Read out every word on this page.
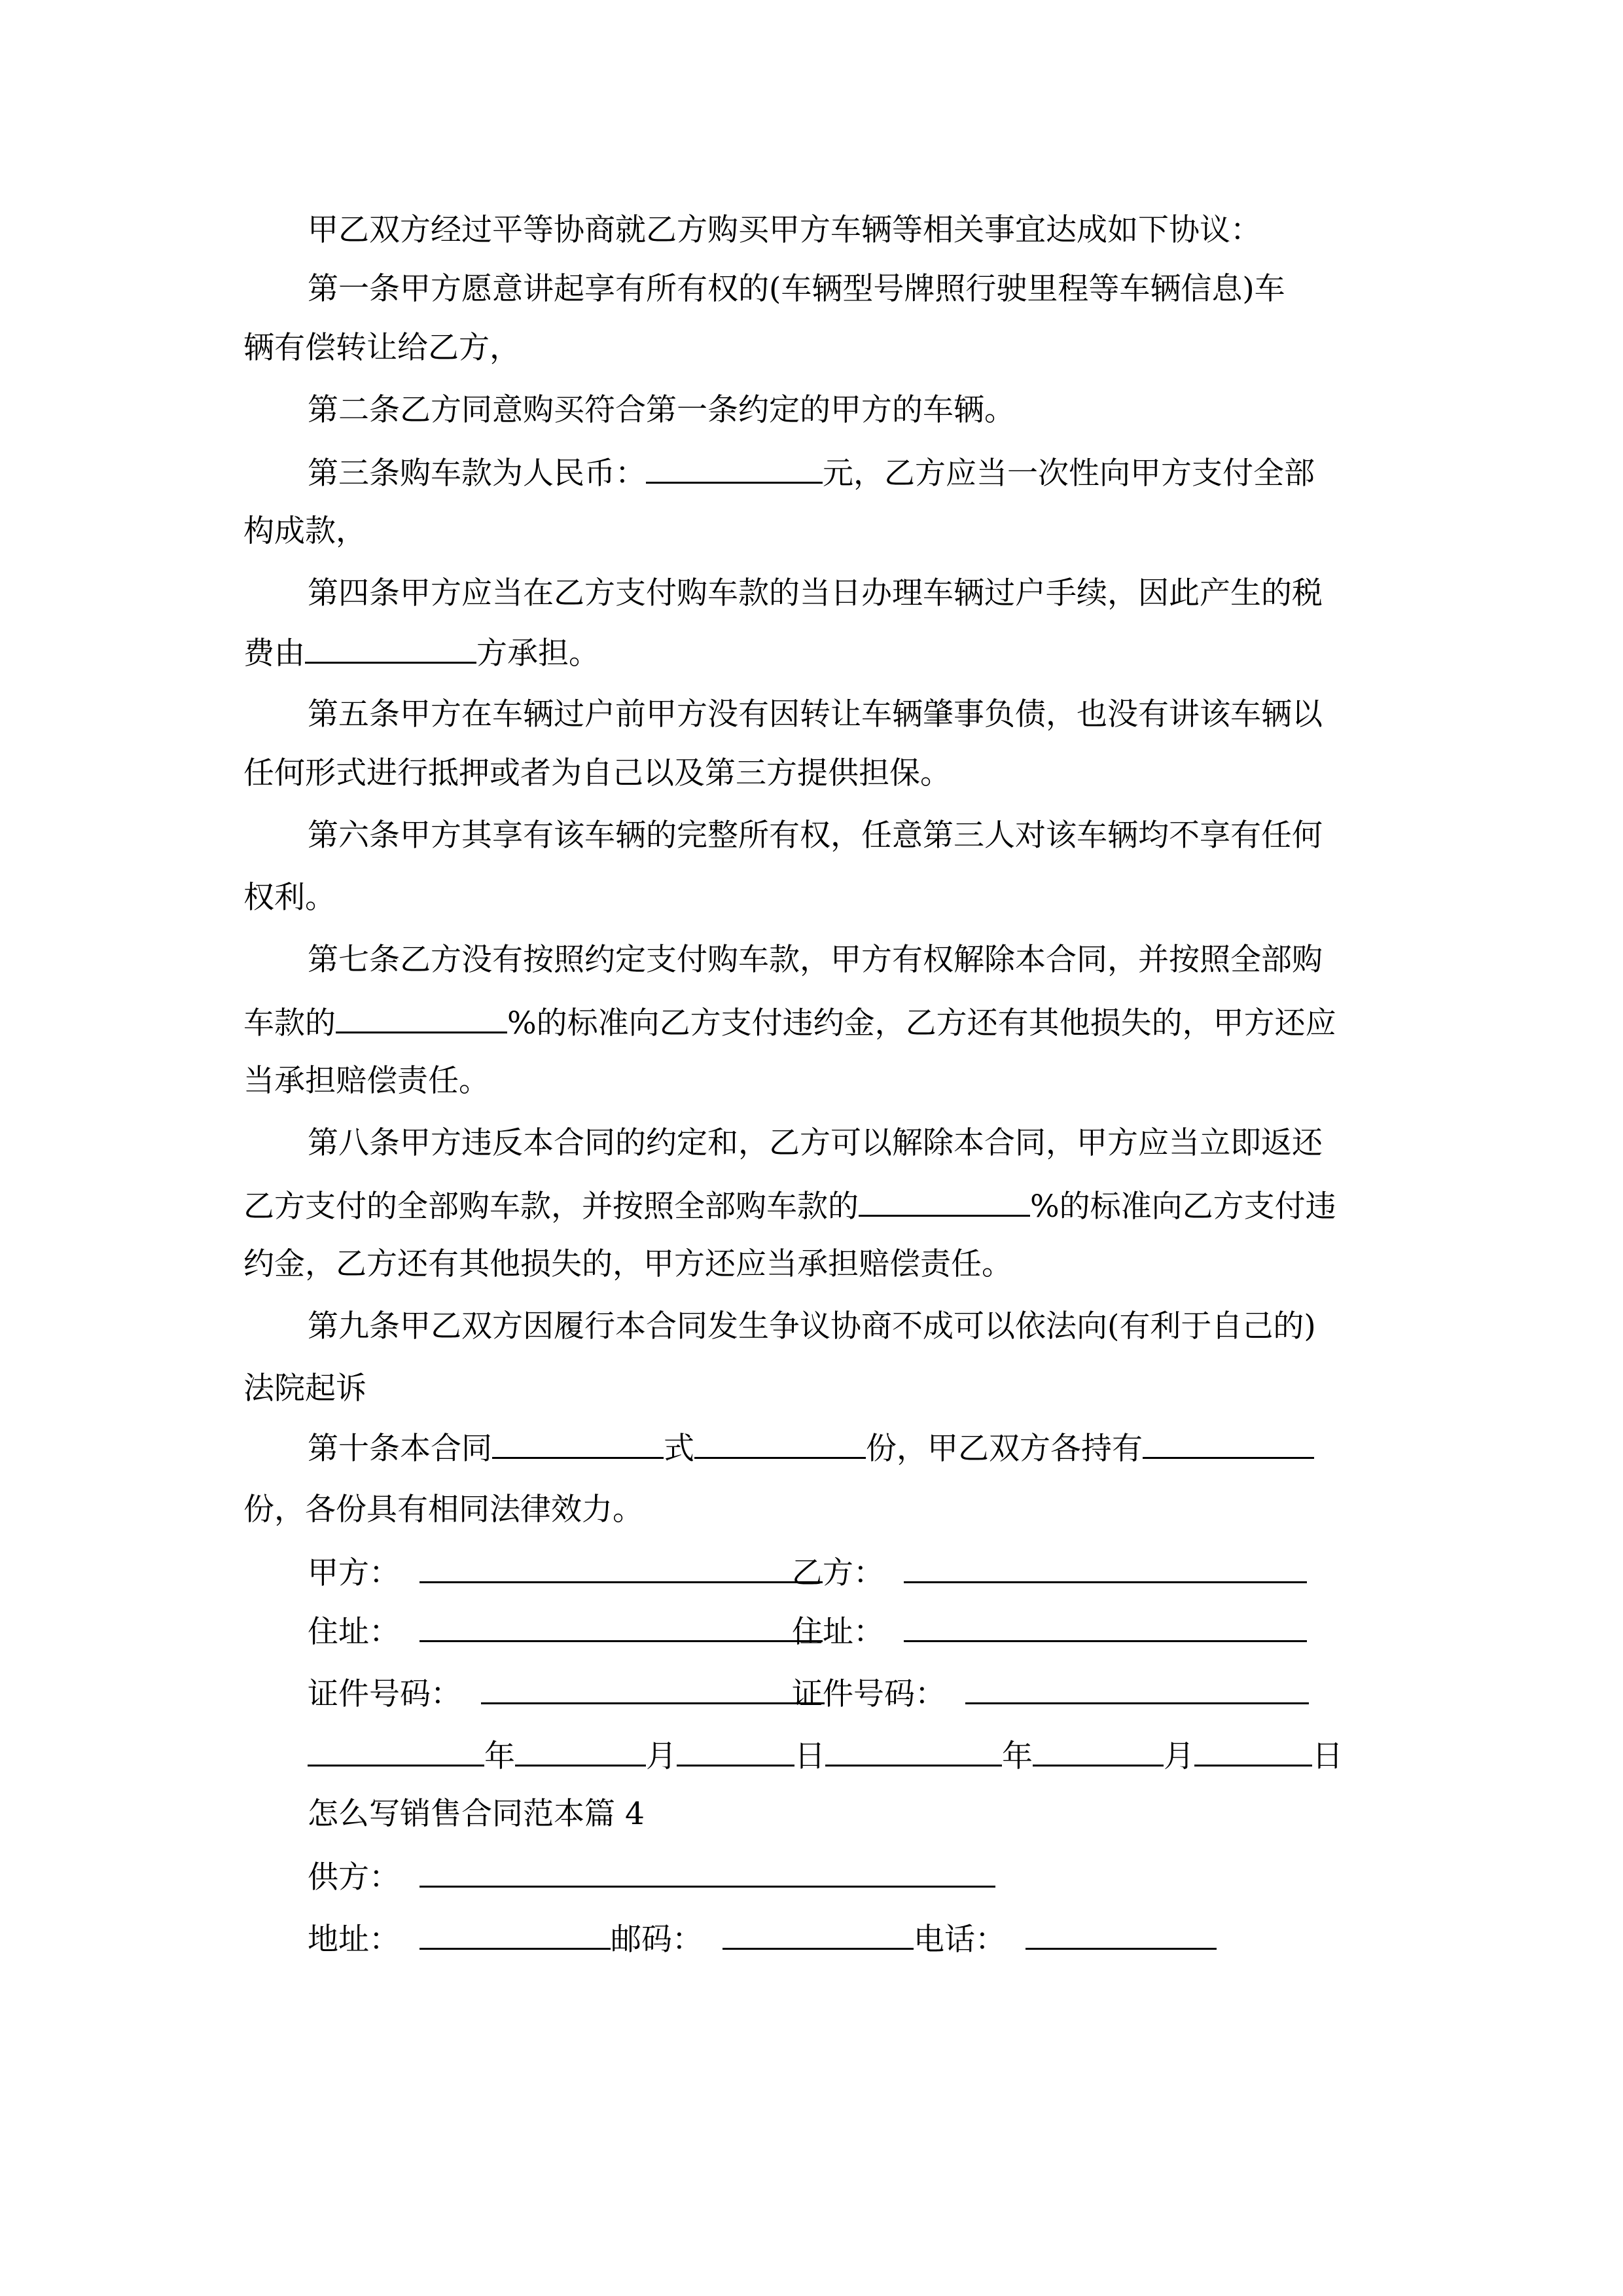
甲乙双方经过平等协商就乙方购买甲方车辆等相关事宜达成如下协议：
第一条甲方愿意讲起享有所有权的(车辆型号牌照行驶里程等车辆信息)车
辆有偿转让给乙方，
第二条乙方同意购买符合第一条约定的甲方的车辆。
第三条购车款为人民币：	元，乙方应当一次性向甲方支付全部
构成款，
第四条甲方应当在乙方支付购车款的当日办理车辆过户手续，因此产生的税
费由	方承担。
第五条甲方在车辆过户前甲方没有因转让车辆肇事负债，也没有讲该车辆以
任何形式进行抵押或者为自己以及第三方提供担保。
第六条甲方其享有该车辆的完整所有权，任意第三人对该车辆均不享有任何
权利。
第七条乙方没有按照约定支付购车款，甲方有权解除本合同，并按照全部购
车款的	%的标准向乙方支付违约金，乙方还有其他损失的，甲方还应
当承担赔偿责任。
第八条甲方违反本合同的约定和，乙方可以解除本合同，甲方应当立即返还
乙方支付的全部购车款，并按照全部购车款的	%的标准向乙方支付违
约金，乙方还有其他损失的，甲方还应当承担赔偿责任。
第九条甲乙双方因履行本合同发生争议协商不成可以依法向(有利于自己的)
法院起诉
第十条本合同	式	份，甲乙双方各持有
份，各份具有相同法律效力。
甲方：	乙方：
住址：	住址：
证件号码：	证件号码：
年	月	日	年	月	日
怎么写销售合同范本篇 4
供方：
地址：	邮码：	电话：
